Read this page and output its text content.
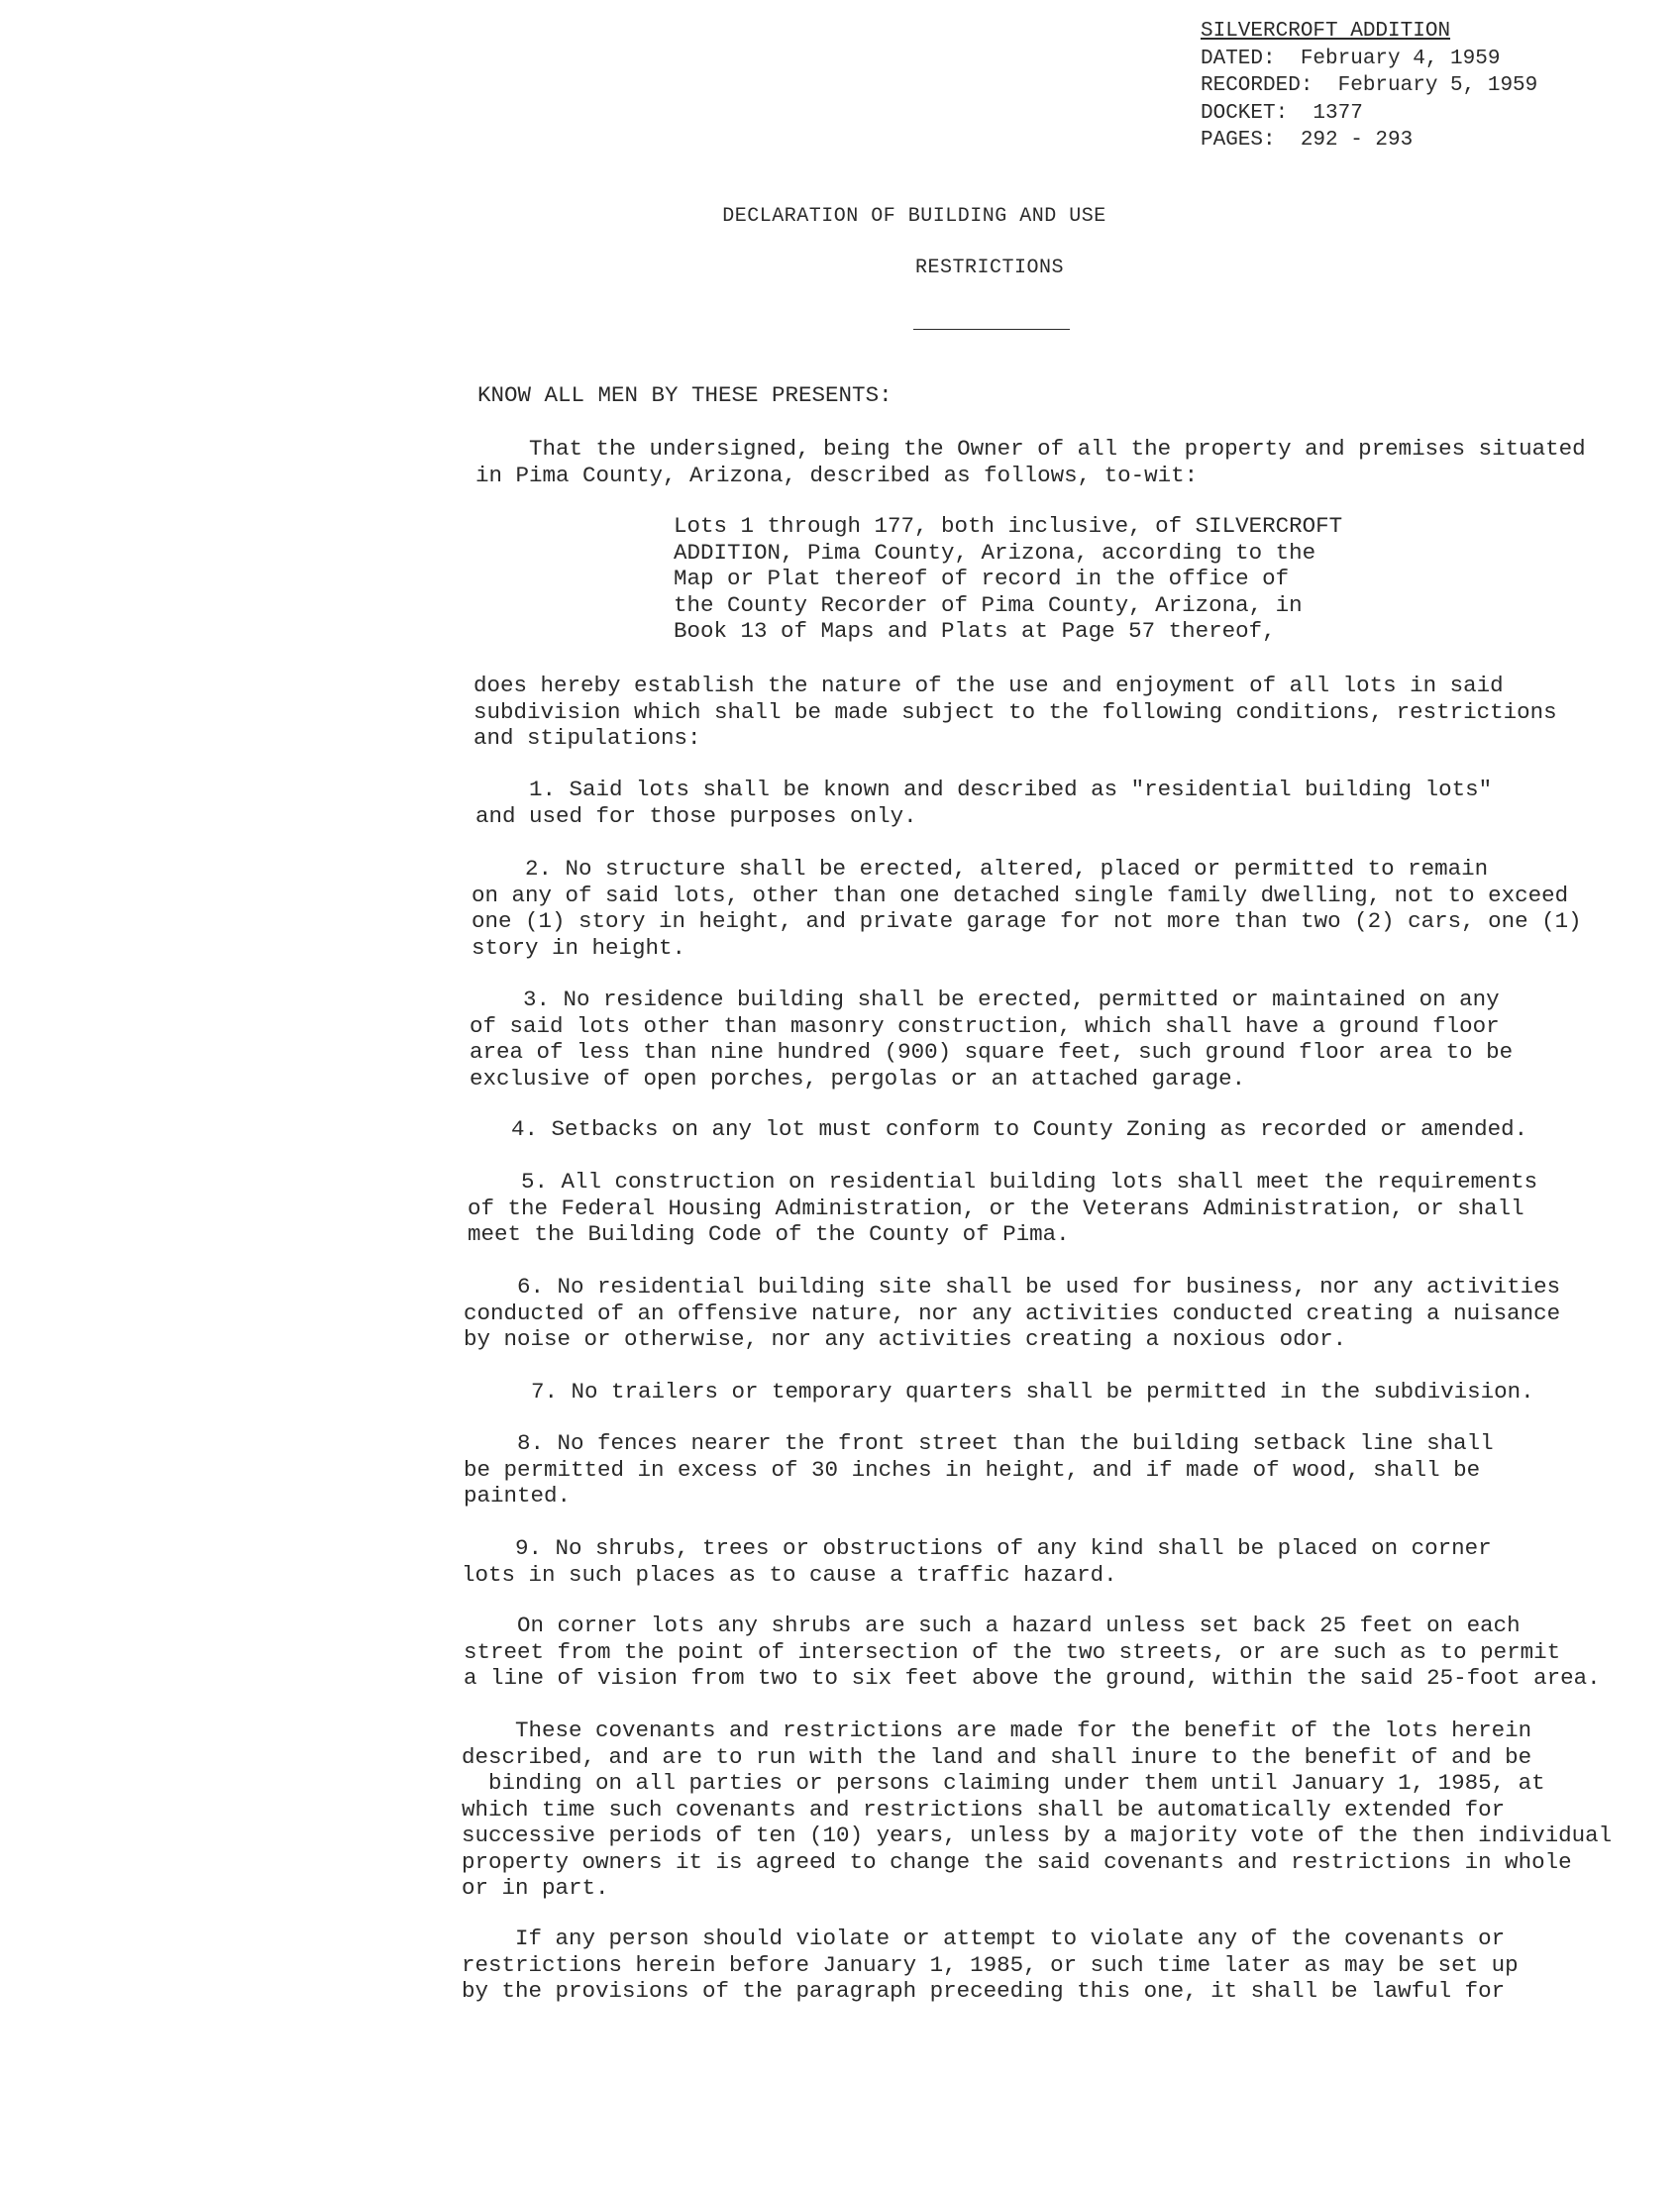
SILVERCROFT ADDITION
DATED:  February 4, 1959
RECORDED:  February 5, 1959
DOCKET:  1377
PAGES:  292 - 293
DECLARATION OF BUILDING AND USE
RESTRICTIONS
KNOW ALL MEN BY THESE PRESENTS:
That the undersigned, being the Owner of all the property and premises situated
in Pima County, Arizona, described as follows, to-wit:
Lots 1 through 177, both inclusive, of SILVERCROFT
ADDITION, Pima County, Arizona, according to the
Map or Plat thereof of record in the office of
the County Recorder of Pima County, Arizona, in
Book 13 of Maps and Plats at Page 57 thereof,
does hereby establish the nature of the use and enjoyment of all lots in said
subdivision which shall be made subject to the following conditions, restrictions
and stipulations:
1. Said lots shall be known and described as "residential building lots"
and used for those purposes only.
2. No structure shall be erected, altered, placed or permitted to remain
on any of said lots, other than one detached single family dwelling, not to exceed
one (1) story in height, and private garage for not more than two (2) cars, one (1)
story in height.
3. No residence building shall be erected, permitted or maintained on any
of said lots other than masonry construction, which shall have a ground floor
area of less than nine hundred (900) square feet, such ground floor area to be
exclusive of open porches, pergolas or an attached garage.
4. Setbacks on any lot must conform to County Zoning as recorded or amended.
5. All construction on residential building lots shall meet the requirements
of the Federal Housing Administration, or the Veterans Administration, or shall
meet the Building Code of the County of Pima.
6. No residential building site shall be used for business, nor any activities
conducted of an offensive nature, nor any activities conducted creating a nuisance
by noise or otherwise, nor any activities creating a noxious odor.
7. No trailers or temporary quarters shall be permitted in the subdivision.
8. No fences nearer the front street than the building setback line shall
be permitted in excess of 30 inches in height, and if made of wood, shall be
painted.
9. No shrubs, trees or obstructions of any kind shall be placed on corner
lots in such places as to cause a traffic hazard.
On corner lots any shrubs are such a hazard unless set back 25 feet on each
street from the point of intersection of the two streets, or are such as to permit
a line of vision from two to six feet above the ground, within the said 25-foot area.
These covenants and restrictions are made for the benefit of the lots herein
described, and are to run with the land and shall inure to the benefit of and be
binding on all parties or persons claiming under them until January 1, 1985, at
which time such covenants and restrictions shall be automatically extended for
successive periods of ten (10) years, unless by a majority vote of the then individual
property owners it is agreed to change the said covenants and restrictions in whole
or in part.
If any person should violate or attempt to violate any of the covenants or
restrictions herein before January 1, 1985, or such time later as may be set up
by the provisions of the paragraph preceeding this one, it shall be lawful for
